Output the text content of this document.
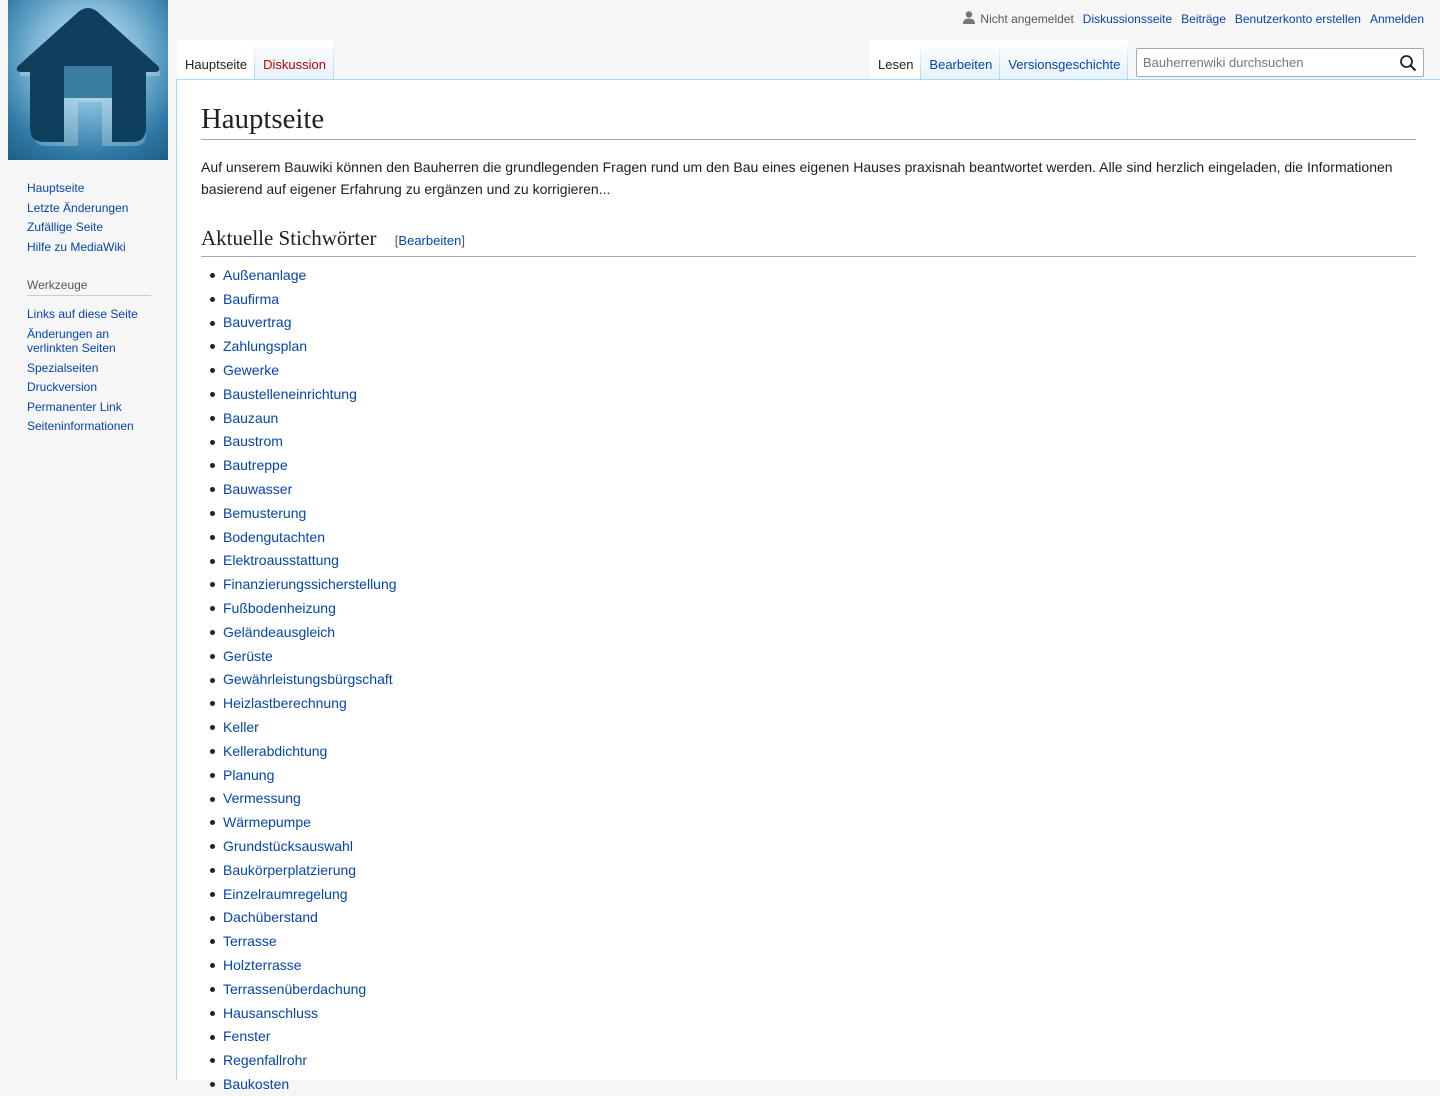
Nicht angemeldet Diskussionsseite Beiträge Benutzerkonto erstellen Anmelden
Hauptseite	Diskussion	Lesen	Bearbeiten	Versionsgeschichte
Bauherrenwiki durchsuchen
Hauptseite
Letzte Änderungen
Zufällige Seite
Hilfe zu MediaWiki
Werkzeuge
Links auf diese Seite
Änderungen an verlinkten Seiten
Spezialseiten
Druckversion
Permanenter Link
Seiteninformationen
Hauptseite

Auf unserem Bauwiki können den Bauherren die grundlegenden Fragen rund um den Bau eines eigenen Hauses praxisnah beantwortet werden. Alle sind herzlich eingeladen, die Informationen basierend auf eigener Erfahrung zu ergänzen und zu korrigieren...

Aktuelle Stichwörter [Bearbeiten]
Außenanlage
Baufirma
Bauvertrag
Zahlungsplan
Gewerke
Baustelleneinrichtung
Bauzaun
Baustrom
Bautreppe
Bauwasser
Bemusterung
Bodengutachten
Elektroausstattung
Finanzierungssicherstellung
Fußbodenheizung
Geländeausgleich
Gerüste
Gewährleistungsbürgschaft
Heizlastberechnung
Keller
Kellerabdichtung
Planung
Vermessung
Wärmepumpe
Grundstücksauswahl
Baukörperplatzierung
Einzelraumregelung
Dachüberstand
Terrasse
Holzterrasse
Terrassenüberdachung
Hausanschluss
Fenster
Regenfallrohr
Baukosten
